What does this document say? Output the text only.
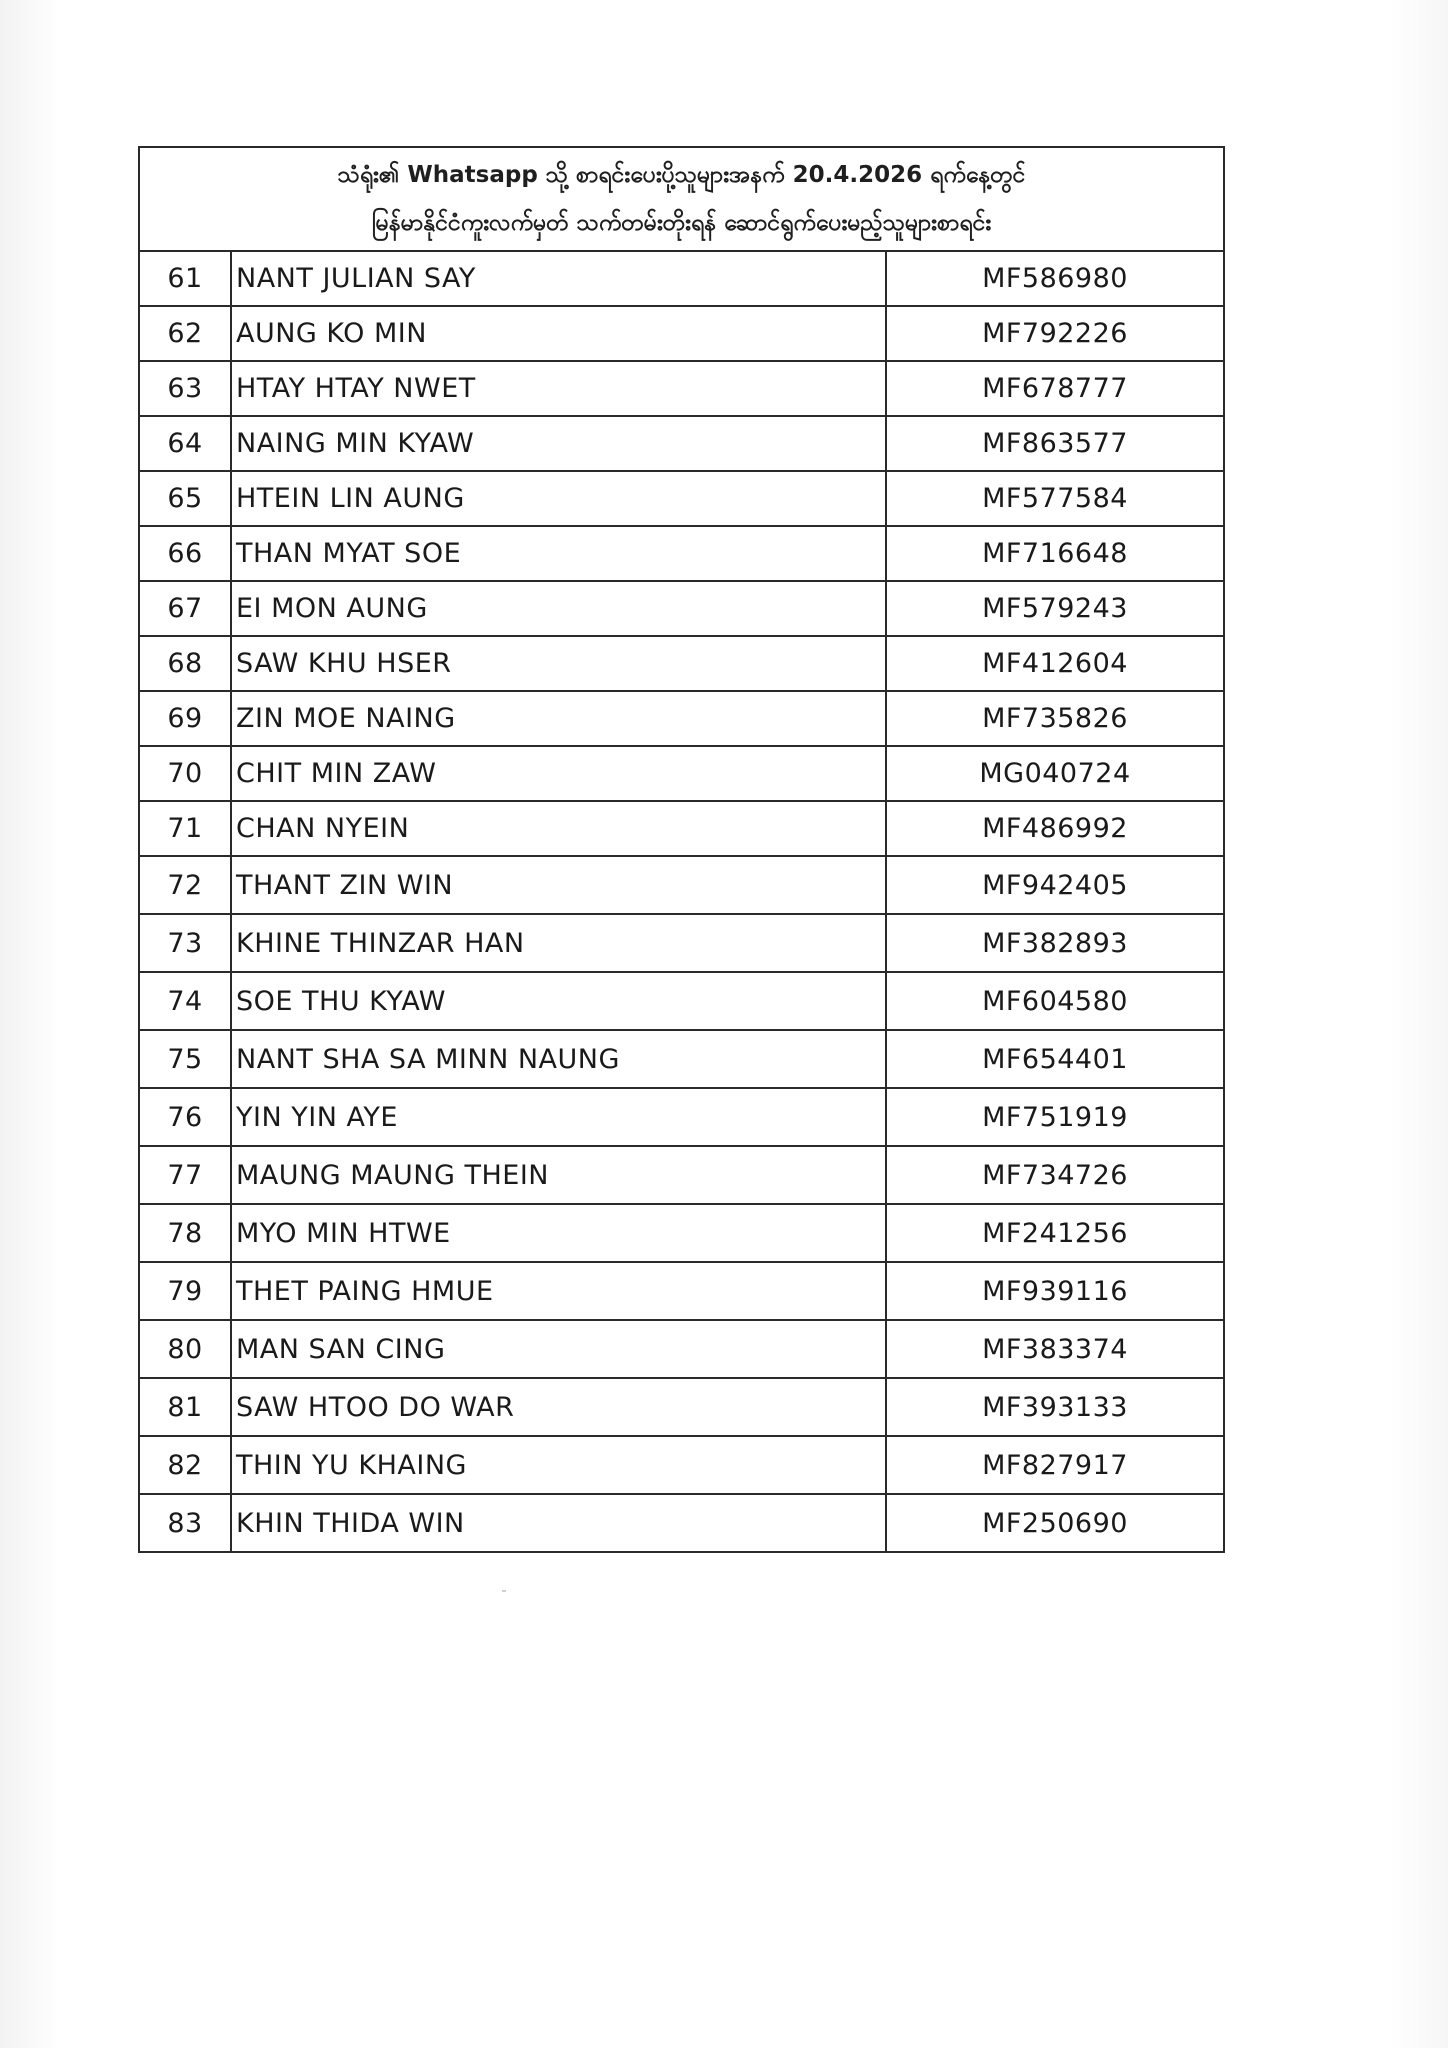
သံရုံး၏ Whatsapp သို့ စာရင်းပေးပို့သူများအနက် 20.4.2026 ရက်နေ့တွင်
မြန်မာနိုင်ငံကူးလက်မှတ် သက်တမ်းတိုးရန် ဆောင်ရွက်ပေးမည့်သူများစာရင်း		

61	NANT JULIAN SAY	MF586980
62	AUNG KO MIN	MF792226
63	HTAY HTAY NWET	MF678777
64	NAING MIN KYAW	MF863577
65	HTEIN LIN AUNG	MF577584
66	THAN MYAT SOE	MF716648
67	EI MON AUNG	MF579243
68	SAW KHU HSER	MF412604
69	ZIN MOE NAING	MF735826
70	CHIT MIN ZAW	MG040724
71	CHAN NYEIN	MF486992
72	THANT ZIN WIN	MF942405
73	KHINE THINZAR HAN	MF382893
74	SOE THU KYAW	MF604580
75	NANT SHA SA MINN NAUNG	MF654401
76	YIN YIN AYE	MF751919
77	MAUNG MAUNG THEIN	MF734726
78	MYO MIN HTWE	MF241256
79	THET PAING HMUE	MF939116
80	MAN SAN CING	MF383374
81	SAW HTOO DO WAR	MF393133
82	THIN YU KHAING	MF827917
83	KHIN THIDA WIN	MF250690
